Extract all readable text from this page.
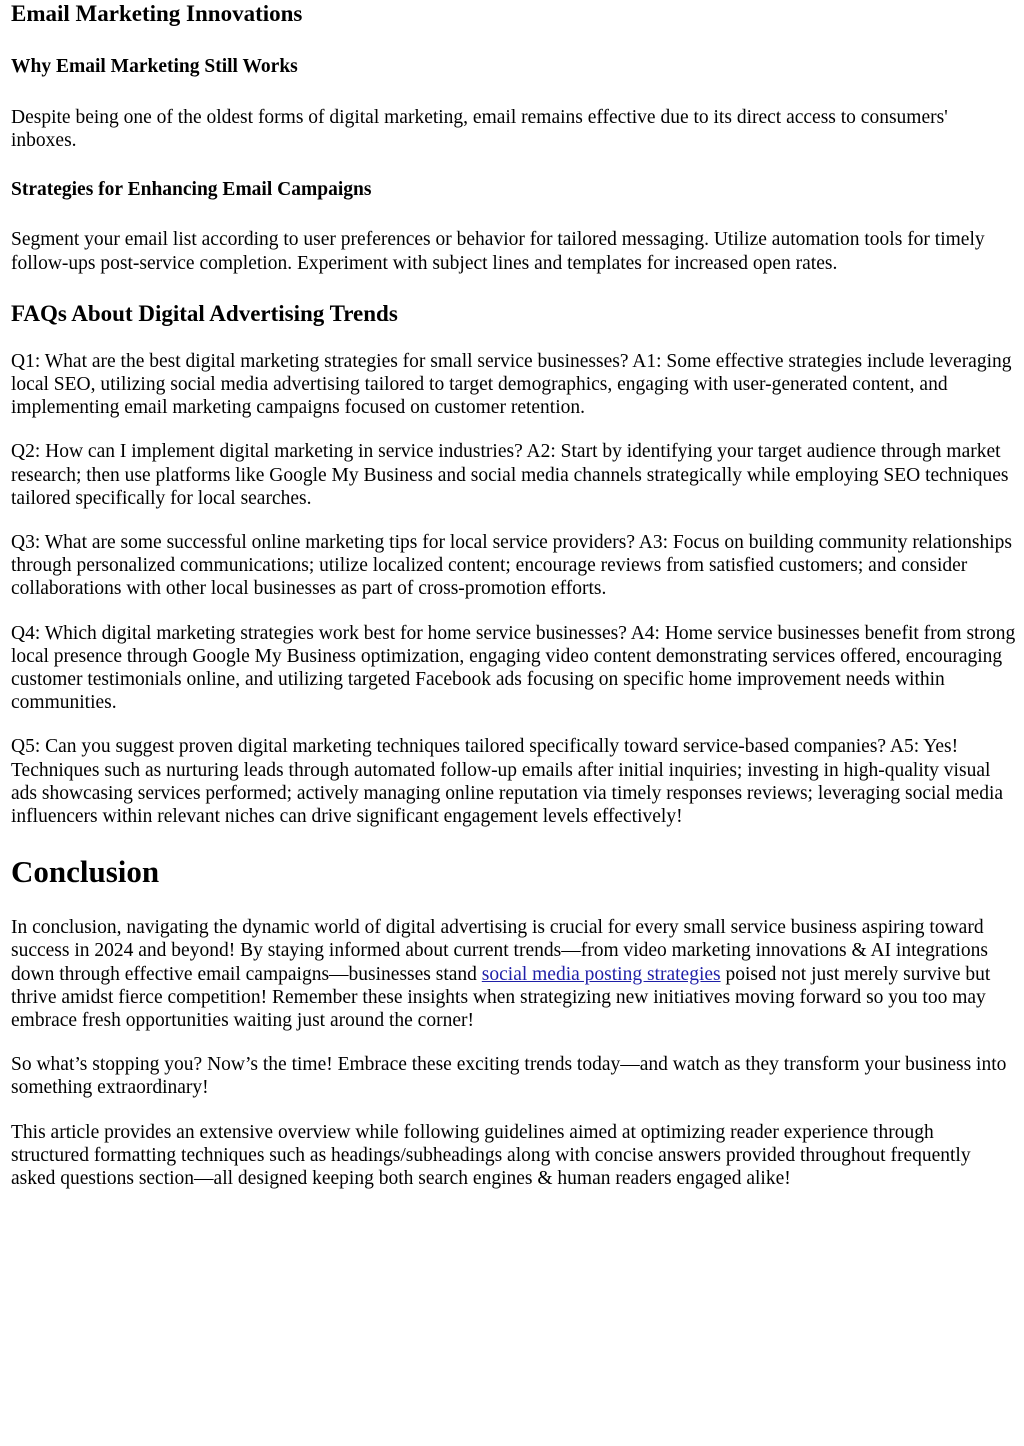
Email Marketing Innovations
Why Email Marketing Still Works

Despite being one of the oldest forms of digital marketing, email remains effective due to its direct access to consumers' inboxes.

Strategies for Enhancing Email Campaigns

Segment your email list according to user preferences or behavior for tailored messaging. Utilize automation tools for timely follow-ups post-service completion. Experiment with subject lines and templates for increased open rates.

FAQs About Digital Advertising Trends

Q1: What are the best digital marketing strategies for small service businesses? A1: Some effective strategies include leveraging local SEO, utilizing social media advertising tailored to target demographics, engaging with user-generated content, and implementing email marketing campaigns focused on customer retention.

Q2: How can I implement digital marketing in service industries? A2: Start by identifying your target audience through market research; then use platforms like Google My Business and social media channels strategically while employing SEO techniques tailored specifically for local searches.

Q3: What are some successful online marketing tips for local service providers? A3: Focus on building community relationships through personalized communications; utilize localized content; encourage reviews from satisfied customers; and consider collaborations with other local businesses as part of cross-promotion efforts.

Q4: Which digital marketing strategies work best for home service businesses? A4: Home service businesses benefit from strong local presence through Google My Business optimization, engaging video content demonstrating services offered, encouraging customer testimonials online, and utilizing targeted Facebook ads focusing on specific home improvement needs within communities.

Q5: Can you suggest proven digital marketing techniques tailored specifically toward service-based companies? A5: Yes! Techniques such as nurturing leads through automated follow-up emails after initial inquiries; investing in high-quality visual ads showcasing services performed; actively managing online reputation via timely responses reviews; leveraging social media influencers within relevant niches can drive significant engagement levels effectively!

Conclusion

In conclusion, navigating the dynamic world of digital advertising is crucial for every small service business aspiring toward success in 2024 and beyond! By staying informed about current trends—from video marketing innovations & AI integrations down through effective email campaigns—businesses stand social media posting strategies poised not just merely survive but thrive amidst fierce competition! Remember these insights when strategizing new initiatives moving forward so you too may embrace fresh opportunities waiting just around the corner!

So what’s stopping you? Now’s the time! Embrace these exciting trends today—and watch as they transform your business into something extraordinary!

This article provides an extensive overview while following guidelines aimed at optimizing reader experience through structured formatting techniques such as headings/subheadings along with concise answers provided throughout frequently asked questions section—all designed keeping both search engines & human readers engaged alike!
